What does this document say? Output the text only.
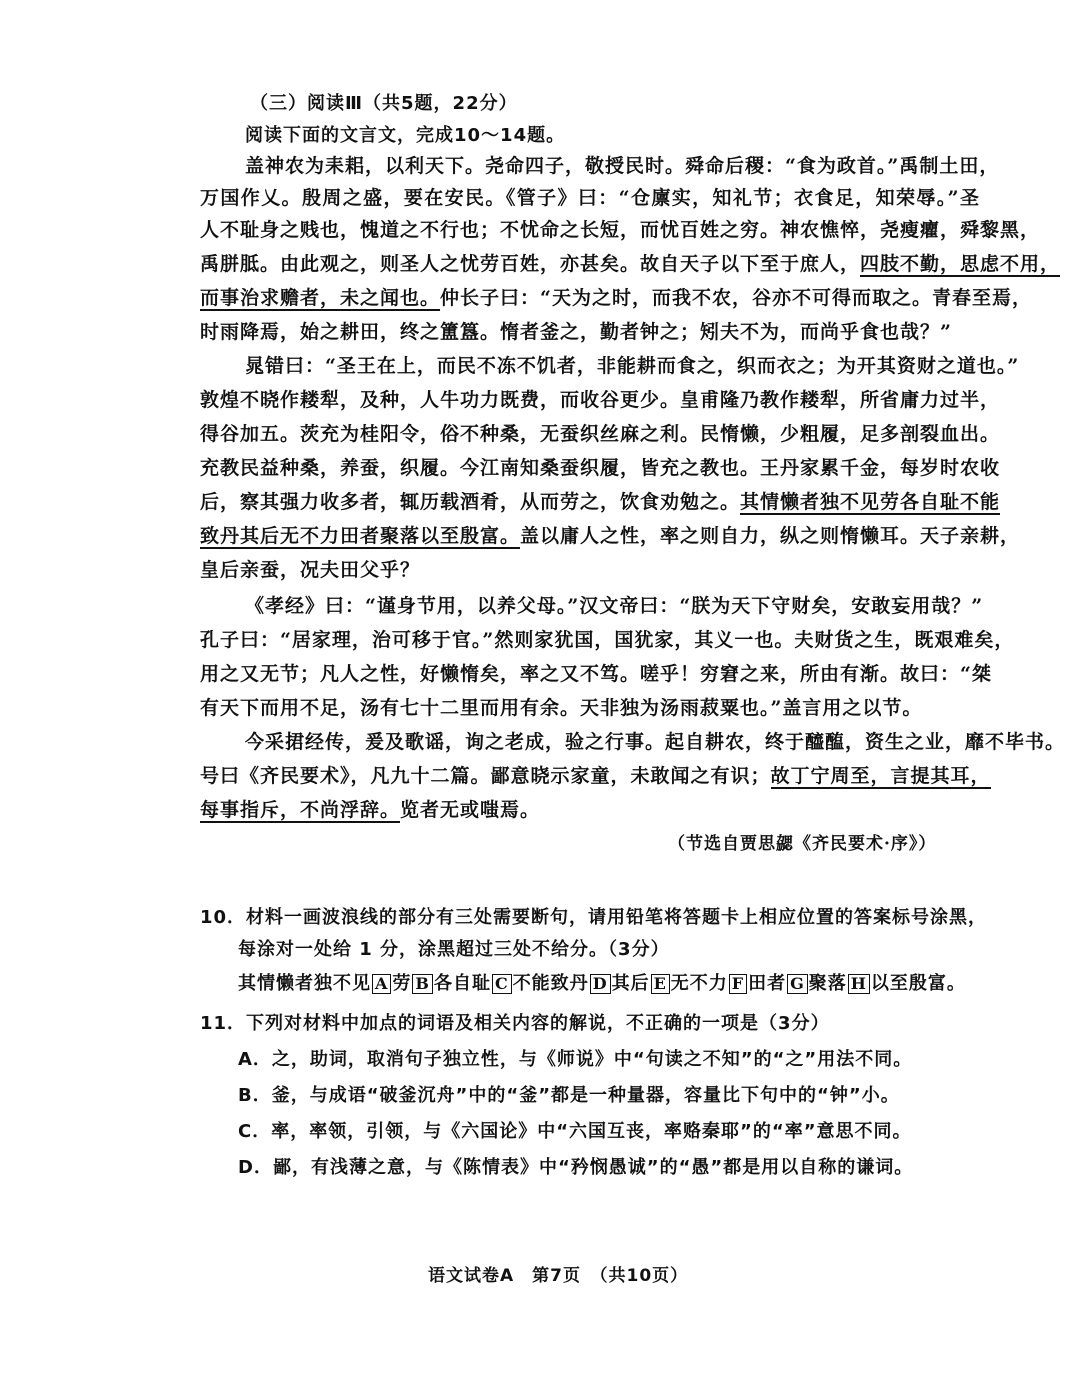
（三）阅读Ⅲ（共5题，22分）
阅读下面的文言文，完成10～14题。
盖神农为耒耜，以利天下。尧命四子，敬授民时。舜命后稷：“食为政首。”禹制土田，
万国作乂。殷周之盛，要在安民。《管子》曰：“仓廪实，知礼节；衣食足，知荣辱。”圣
人不耻身之贱也，愧道之不行也；不忧命之长短，而忧百姓之穷。神农憔悴，尧瘦癯，舜黎黑，
禹胼胝。由此观之，则圣人之忧劳百姓，亦甚矣。故自天子以下至于庶人，四肢不勤，思虑不用，
而事治求赡者，未之闻也。仲长子曰：“天为之时，而我不农，谷亦不可得而取之。青春至焉，
时雨降焉，始之耕田，终之簠簋。惰者釜之，勤者钟之；矧夫不为，而尚乎食也哉？”
晁错曰：“圣王在上，而民不冻不饥者，非能耕而食之，织而衣之；为开其资财之道也。”
敦煌不晓作耧犁，及种，人牛功力既费，而收谷更少。皇甫隆乃教作耧犁，所省庸力过半，
得谷加五。茨充为桂阳令，俗不种桑，无蚕织丝麻之利。民惰懒，少粗履，足多剖裂血出。
充教民益种桑，养蚕，织履。今江南知桑蚕织履，皆充之教也。王丹家累千金，每岁时农收
后，察其强力收多者，辄历载酒肴，从而劳之，饮食劝勉之。其情懒者独不见劳各自耻不能
致丹其后无不力田者聚落以至殷富。盖以庸人之性，率之则自力，纵之则惰懒耳。天子亲耕，
皇后亲蚕，况夫田父乎？
《孝经》曰：“谨身节用，以养父母。”汉文帝曰：“朕为天下守财矣，安敢妄用哉？”
孔子曰：“居家理，治可移于官。”然则家犹国，国犹家，其义一也。夫财货之生，既艰难矣，
用之又无节；凡人之性，好懒惰矣，率之又不笃。嗟乎！穷窘之来，所由有渐。故曰：“桀
有天下而用不足，汤有七十二里而用有余。天非独为汤雨菽粟也。”盖言用之以节。
今采捃经传，爰及歌谣，询之老成，验之行事。起自耕农，终于醯醢，资生之业，靡不毕书。
号曰《齐民要术》，凡九十二篇。鄙意晓示家童，未敢闻之有识；故丁宁周至，言提其耳，
每事指斥，不尚浮辞。览者无或嗤焉。
（节选自贾思勰《齐民要术·序》）
10．材料一画波浪线的部分有三处需要断句，请用铅笔将答题卡上相应位置的答案标号涂黑，
每涂对一处给 1 分，涂黑超过三处不给分。（3分）
其情懒者独不见 A 劳 B 各自耻 C 不能致丹 D 其后 E 无不力 F 田者 G 聚落 H 以至殷富。
11．下列对材料中加点的词语及相关内容的解说，不正确的一项是（3分）
A．之，助词，取消句子独立性，与《师说》中“句读之不知”的“之”用法不同。
B．釜，与成语“破釜沉舟”中的“釜”都是一种量器，容量比下句中的“钟”小。
C．率，率领，引领，与《六国论》中“六国互丧，率赂秦耶”的“率”意思不同。
D．鄙，有浅薄之意，与《陈情表》中“矜悯愚诚”的“愚”都是用以自称的谦词。
语文试卷A　第7页　（共10页）
